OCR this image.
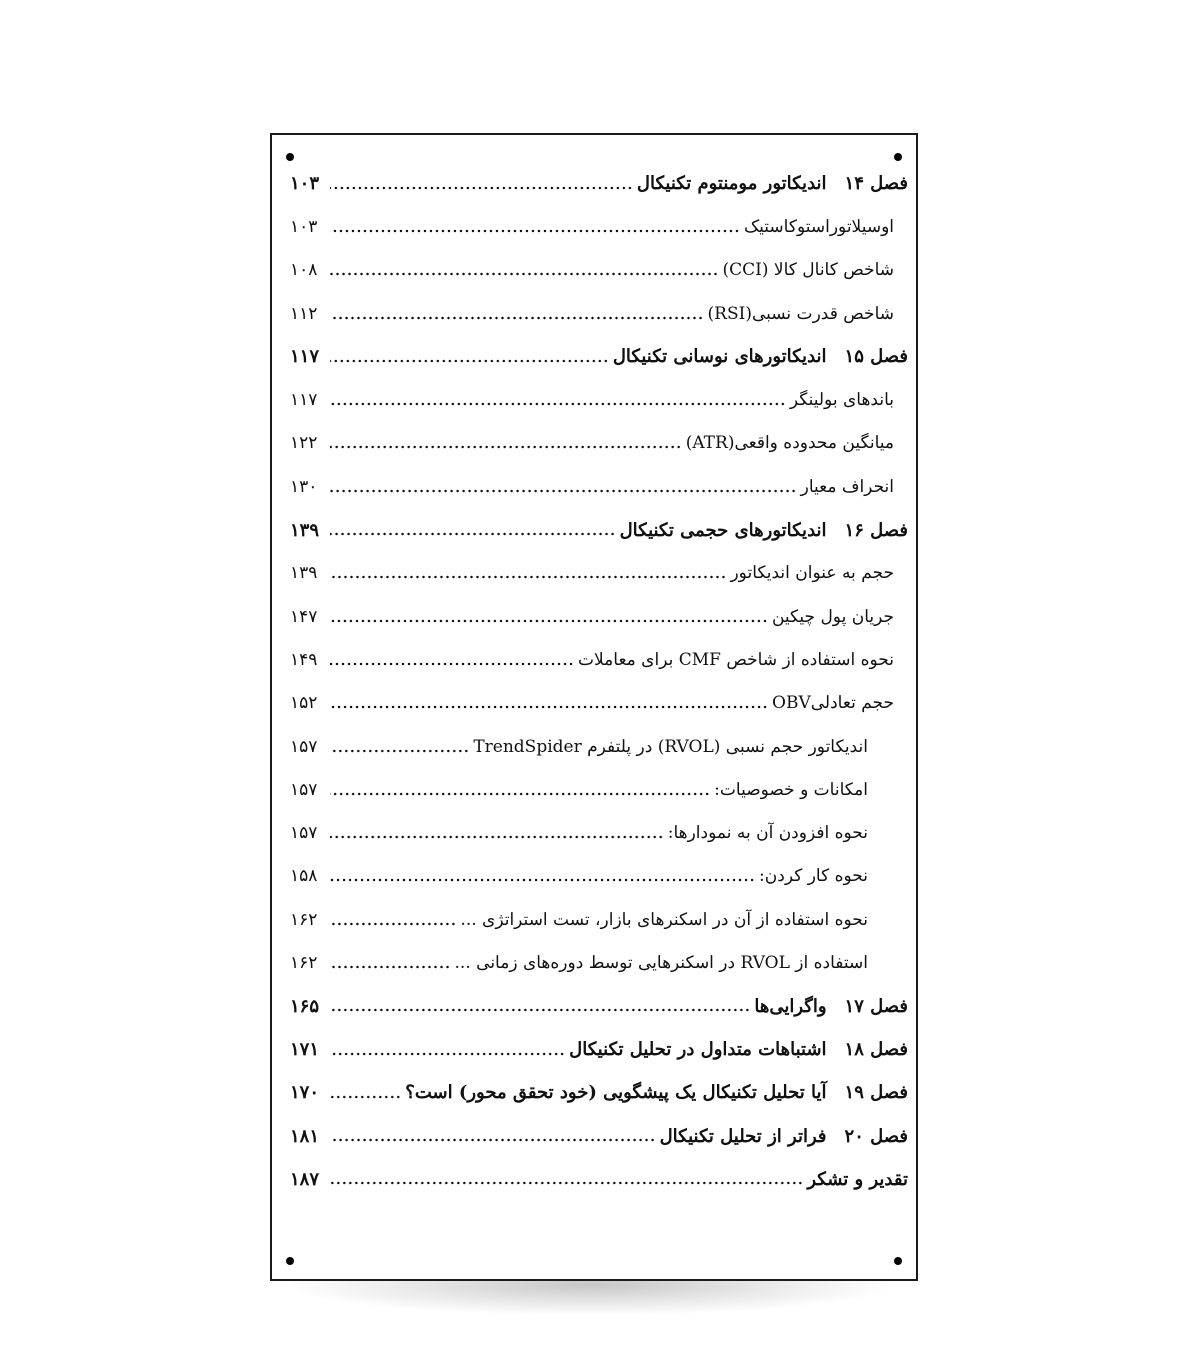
۱۰۳	فصل ۱۴اندیکاتور مومنتوم تکنیکال
۱۰۳	اوسیلاتوراستوکاستیک
۱۰۸	شاخص کانال کالا (CCI)
۱۱۲	شاخص قدرت نسبی(RSI)
۱۱۷	فصل ۱۵اندیکاتورهای نوسانی تکنیکال
۱۱۷	باندهای بولینگر
۱۲۲	میانگین محدوده واقعی(ATR)
۱۳۰	انحراف معیار
۱۳۹	فصل ۱۶اندیکاتورهای حجمی تکنیکال
۱۳۹	حجم به عنوان اندیکاتور
۱۴۷	جریان پول چیکین
۱۴۹	نحوه استفاده از شاخص CMF برای معاملات
۱۵۲	حجم تعادلیOBV
۱۵۷	اندیکاتور حجم نسبی (RVOL) در پلتفرم TrendSpider
۱۵۷	امکانات و خصوصیات:
۱۵۷	نحوه افزودن آن به نمودارها:
۱۵۸	نحوه کار کردن:
۱۶۲	نحوه استفاده از آن در اسکنرهای بازار، تست استراتژی ...
۱۶۲	استفاده از RVOL در اسکنرهایی توسط دوره‌های زمانی ...
۱۶۵	فصل ۱۷واگرایی‌ها
۱۷۱	فصل ۱۸اشتباهات متداول در تحلیل تکنیکال
۱۷۰	فصل ۱۹آیا تحلیل تکنیکال یک پیشگویی (خود تحقق محور) است؟
۱۸۱	فصل ۲۰فراتر از تحلیل تکنیکال
۱۸۷	تقدیر و تشکر
